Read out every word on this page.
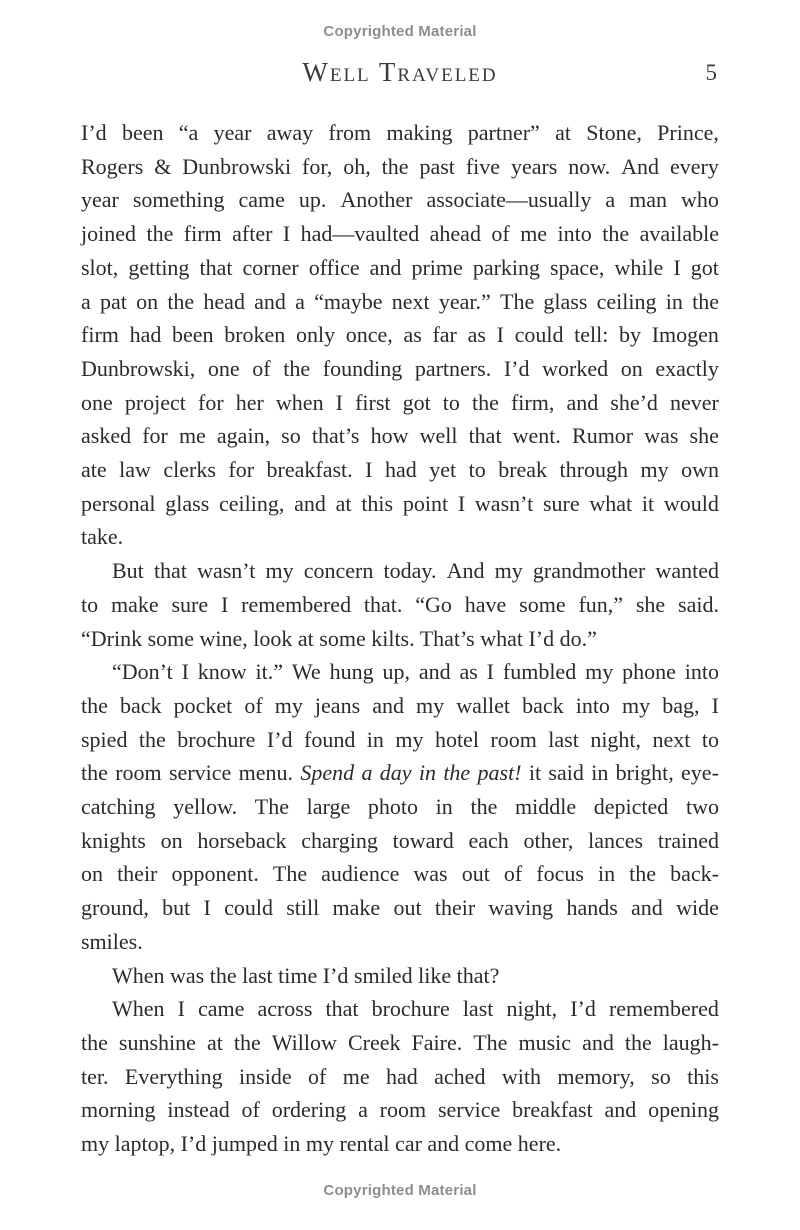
Copyrighted Material
Well Traveled	5
I’d been “a year away from making partner” at Stone, Prince,
Rogers & Dunbrowski for, oh, the past five years now. And every
year something came up. Another associate—usually a man who
joined the firm after I had—vaulted ahead of me into the available
slot, getting that corner office and prime parking space, while I got
a pat on the head and a “maybe next year.” The glass ceiling in the
firm had been broken only once, as far as I could tell: by Imogen
Dunbrowski, one of the founding partners. I’d worked on exactly
one project for her when I first got to the firm, and she’d never
asked for me again, so that’s how well that went. Rumor was she
ate law clerks for breakfast. I had yet to break through my own
personal glass ceiling, and at this point I wasn’t sure what it would
take.
But that wasn’t my concern today. And my grandmother wanted
to make sure I remembered that. “Go have some fun,” she said.
“Drink some wine, look at some kilts. That’s what I’d do.”
“Don’t I know it.” We hung up, and as I fumbled my phone into
the back pocket of my jeans and my wallet back into my bag, I
spied the brochure I’d found in my hotel room last night, next to
the room service menu. Spend a day in the past! it said in bright, eye-
catching yellow. The large photo in the middle depicted two
knights on horseback charging toward each other, lances trained
on their opponent. The audience was out of focus in the back-
ground, but I could still make out their waving hands and wide
smiles.
When was the last time I’d smiled like that?
When I came across that brochure last night, I’d remembered
the sunshine at the Willow Creek Faire. The music and the laugh-
ter. Everything inside of me had ached with memory, so this
morning instead of ordering a room service breakfast and opening
my laptop, I’d jumped in my rental car and come here.
Copyrighted Material
